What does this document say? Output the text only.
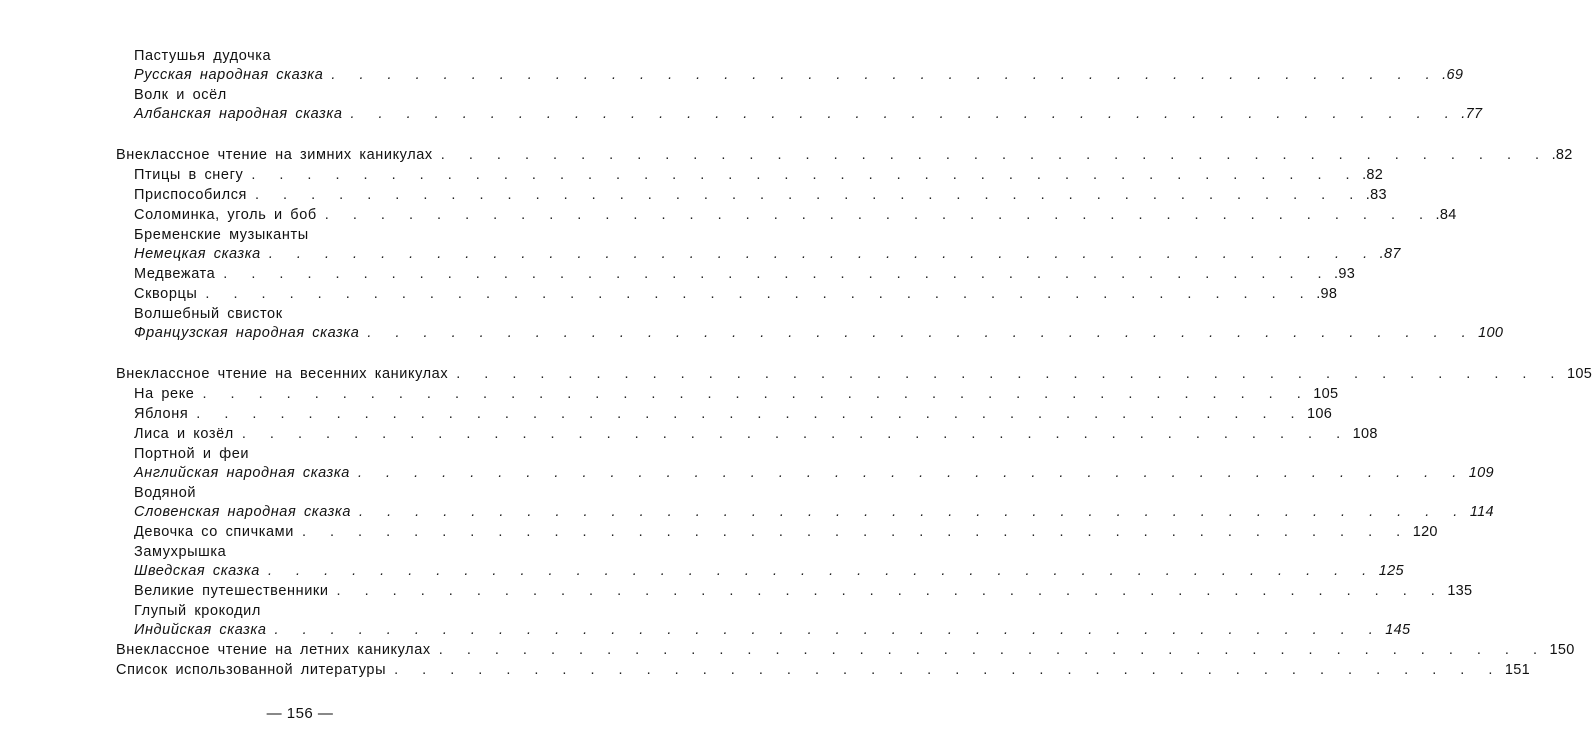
Пастушья дудочка
Русская народная сказка . . . . . . . . . . . . . . . . . . . . . . . . . . . . . . . . . . . . . . . . .69
Волк и осёл
Албанская народная сказка . . . . . . . . . . . . . . . . . . . . . . . . . . . . . . . . . . . . . . . . .77
Внеклассное чтение на зимних каникулах . . . . . . . . . . . . . . . . . . . . . . . . . . . . . . . . . . . . . . . . .82
Птицы в снегу . . . . . . . . . . . . . . . . . . . . . . . . . . . . . . . . . . . . . . . . .82
Приспособился . . . . . . . . . . . . . . . . . . . . . . . . . . . . . . . . . . . . . . . . .83
Соломинка, уголь и боб . . . . . . . . . . . . . . . . . . . . . . . . . . . . . . . . . . . . . . . . .84
Бременские музыканты
Немецкая сказка . . . . . . . . . . . . . . . . . . . . . . . . . . . . . . . . . . . . . . . . .87
Медвежата . . . . . . . . . . . . . . . . . . . . . . . . . . . . . . . . . . . . . . . . .93
Скворцы . . . . . . . . . . . . . . . . . . . . . . . . . . . . . . . . . . . . . . . . .98
Волшебный свисток
Французская народная сказка . . . . . . . . . . . . . . . . . . . . . . . . . . . . . . . . . . . . . . . . 100
Внеклассное чтение на весенних каникулах . . . . . . . . . . . . . . . . . . . . . . . . . . . . . . . . . . . . . . . . 105
На реке . . . . . . . . . . . . . . . . . . . . . . . . . . . . . . . . . . . . . . . . 105
Яблоня . . . . . . . . . . . . . . . . . . . . . . . . . . . . . . . . . . . . . . . . 106
Лиса и козёл . . . . . . . . . . . . . . . . . . . . . . . . . . . . . . . . . . . . . . . . 108
Портной и феи
Английская народная сказка . . . . . . . . . . . . . . . . . . . . . . . . . . . . . . . . . . . . . . . . 109
Водяной
Словенская народная сказка . . . . . . . . . . . . . . . . . . . . . . . . . . . . . . . . . . . . . . . . 114
Девочка со спичками . . . . . . . . . . . . . . . . . . . . . . . . . . . . . . . . . . . . . . . . 120
Замухрышка
Шведская сказка . . . . . . . . . . . . . . . . . . . . . . . . . . . . . . . . . . . . . . . . 125
Великие путешественники . . . . . . . . . . . . . . . . . . . . . . . . . . . . . . . . . . . . . . . . 135
Глупый крокодил
Индийская сказка . . . . . . . . . . . . . . . . . . . . . . . . . . . . . . . . . . . . . . . . 145
Внеклассное чтение на летних каникулах . . . . . . . . . . . . . . . . . . . . . . . . . . . . . . . . . . . . . . . . 150
Список использованной литературы . . . . . . . . . . . . . . . . . . . . . . . . . . . . . . . . . . . . . . . . 151
— 156 —
